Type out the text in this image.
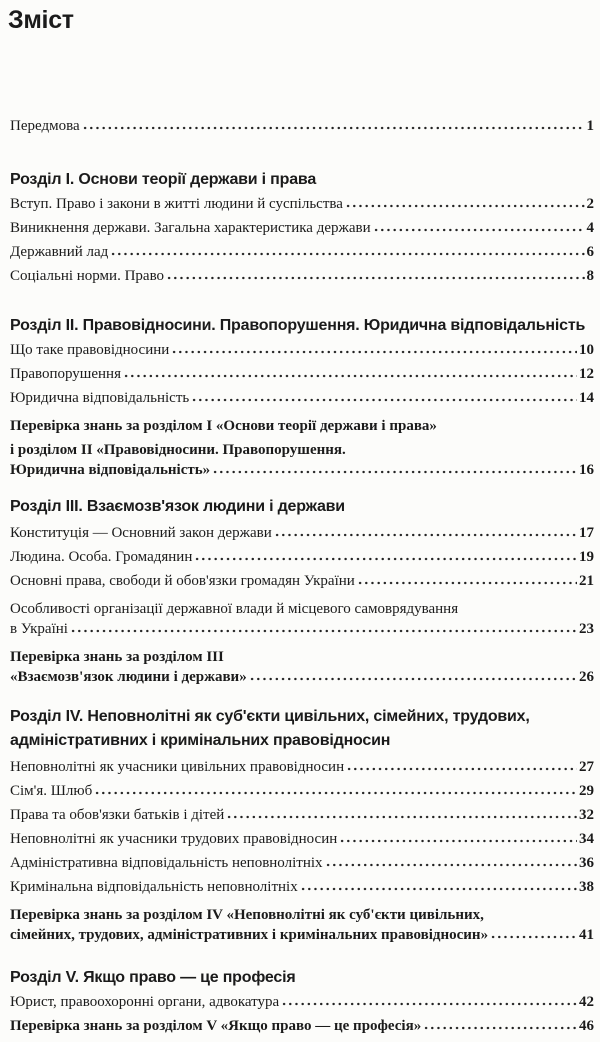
Зміст
Передмова	1
Розділ I. Основи теорії держави і права
Вступ. Право і закони в житті людини й суспільства	2
Виникнення держави. Загальна характеристика держави	4
Державний лад	6
Соціальні норми. Право	8
Розділ II. Правовідносини. Правопорушення. Юридична відповідальність
Що таке правовідносини	10
Правопорушення	12
Юридична відповідальність	14
Перевірка знань за розділом I «Основи теорії держави і права»
і розділом II «Правовідносини. Правопорушення.
Юридична відповідальність»	16
Розділ III. Взаємозв'язок людини і держави
Конституція — Основний закон держави	17
Людина. Особа. Громадянин	19
Основні права, свободи й обов'язки громадян України	21
Особливості організації державної влади й місцевого самоврядування
в Україні	23
Перевірка знань за розділом III
«Взаємозв'язок людини і держави»	26
Розділ IV. Неповнолітні як суб'єкти цивільних, сімейних, трудових,
адміністративних і кримінальних правовідносин
Неповнолітні як учасники цивільних правовідносин	27
Сім'я. Шлюб	29
Права та обов'язки батьків і дітей	32
Неповнолітні як учасники трудових правовідносин	34
Адміністративна відповідальність неповнолітніх	36
Кримінальна відповідальність неповнолітніх	38
Перевірка знань за розділом IV «Неповнолітні як суб'єкти цивільних,
сімейних, трудових, адміністративних і кримінальних правовідносин»	41
Розділ V. Якщо право — це професія
Юрист, правоохоронні органи, адвокатура	42
Перевірка знань за розділом V «Якщо право — це професія»	46
